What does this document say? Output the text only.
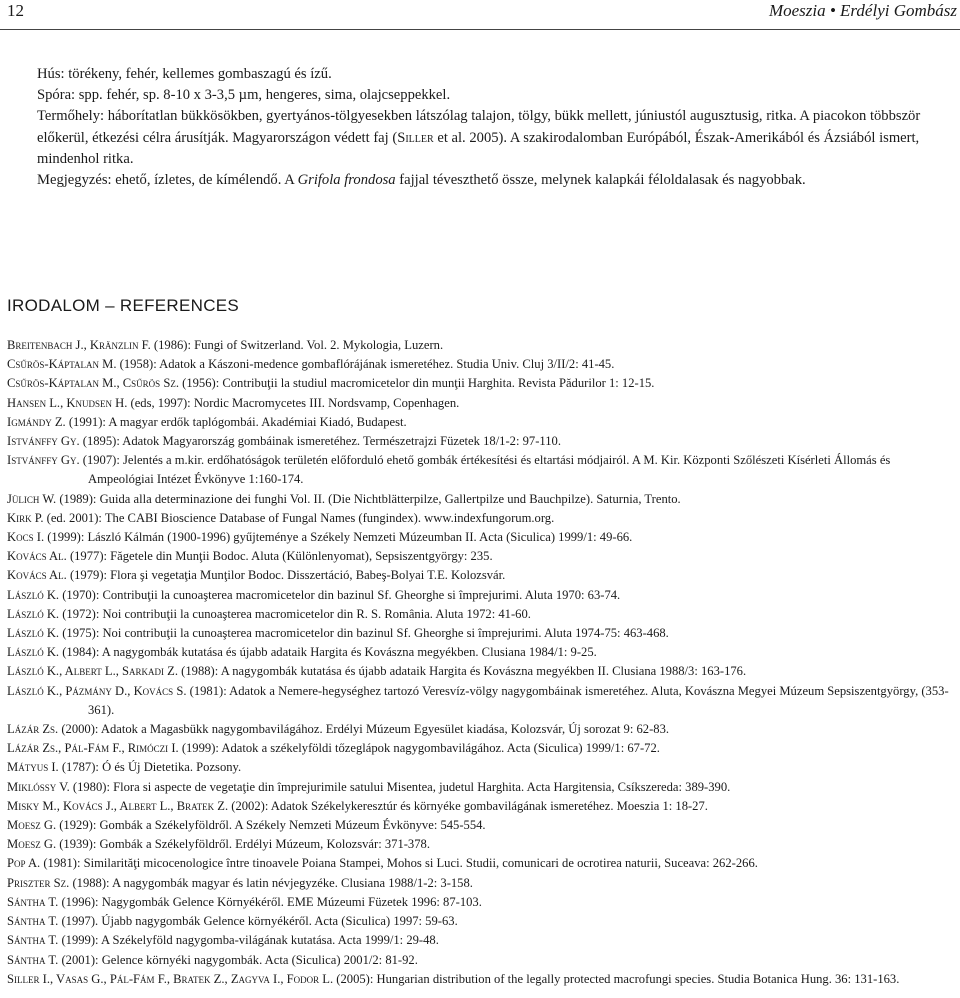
12	Moeszia • Erdélyi Gombász

Hús: törékeny, fehér, kellemes gombaszagú és ízű.

Spóra: spp. fehér, sp. 8-10 x 3-3,5 µm, hengeres, sima, olajcseppekkel.

Termőhely: háborítatlan bükkösökben, gyertyános-tölgyesekben látszólag talajon, tölgy, bükk mellett, júniustól augusztusig, ritka. A piacokon többször előkerül, étkezési célra árusítják. Magyarországon védett faj (Siller et al. 2005). A szakirodalomban Európából, Észak-Amerikából és Ázsiából ismert, mindenhol ritka.

Megjegyzés: ehető, ízletes, de kímélendő. A Grifola frondosa fajjal téveszthető össze, melynek kalapkái féloldalasak és nagyobbak.

IRODALOM – REFERENCES

Breitenbach J., Kränzlin F. (1986): Fungi of Switzerland. Vol. 2. Mykologia, Luzern.

Csűrös-Káptalan M. (1958): Adatok a Kászoni-medence gombaflórájának ismeretéhez. Studia Univ. Cluj 3/II/2: 41-45.

Csűrös-Káptalan M., Csűrös Sz. (1956): Contribuţii la studiul macromicetelor din munţii Harghita. Revista Pădurilor 1: 12-15.

Hansen L., Knudsen H. (eds, 1997): Nordic Macromycetes III. Nordsvamp, Copenhagen.

Igmándy Z. (1991): A magyar erdők taplógombái. Akadémiai Kiadó, Budapest.

Istvánffy Gy. (1895): Adatok Magyarország gombáinak ismeretéhez. Természetrajzi Füzetek 18/1-2: 97-110.

Istvánffy Gy. (1907): Jelentés a m.kir. erdőhatóságok területén előforduló ehető gombák értékesítési és eltartási módjairól. A M. Kir. Központi Szőlészeti Kísérleti Állomás és Ampeológiai Intézet Évkönyve 1:160-174.

Jülich W. (1989): Guida alla determinazione dei funghi Vol. II. (Die Nichtblätterpilze, Gallertpilze und Bauchpilze). Saturnia, Trento.

Kirk P. (ed. 2001): The CABI Bioscience Database of Fungal Names (fungindex). www.indexfungorum.org.

Kocs I. (1999): László Kálmán (1900-1996) gyűjteménye a Székely Nemzeti Múzeumban II. Acta (Siculica) 1999/1: 49-66.

Kovács Al. (1977): Făgetele din Munţii Bodoc. Aluta (Különlenyomat), Sepsiszentgyörgy: 235.

Kovács Al. (1979): Flora şi vegetaţia Munţilor Bodoc. Disszertáció, Babeş-Bolyai T.E. Kolozsvár.

László K. (1970): Contribuţii la cunoaşterea macromicetelor din bazinul Sf. Gheorghe si împrejurimi. Aluta 1970: 63-74.

László K. (1972): Noi contribuţii la cunoaşterea macromicetelor din R. S. România. Aluta 1972: 41-60.

László K. (1975): Noi contribuţii la cunoaşterea macromicetelor din bazinul Sf. Gheorghe si împrejurimi. Aluta 1974-75: 463-468.

László K. (1984): A nagygombák kutatása és újabb adataik Hargita és Kovászna megyékben. Clusiana 1984/1: 9-25.

László K., Albert L., Sarkadi Z. (1988): A nagygombák kutatása és újabb adataik Hargita és Kovászna megyékben II. Clusiana 1988/3: 163-176.

László K., Pázmány D., Kovács S. (1981): Adatok a Nemere-hegységhez tartozó Veresvíz-völgy nagygombáinak ismeretéhez. Aluta, Kovászna Megyei Múzeum Sepsiszentgyörgy, (353-361).

Lázár Zs. (2000): Adatok a Magasbükk nagygombavilágához. Erdélyi Múzeum Egyesület kiadása, Kolozsvár, Új sorozat 9: 62-83.

Lázár Zs., Pál-Fám F., Rimóczi I. (1999): Adatok a székelyföldi tőzeglápok nagygombavilágához. Acta (Siculica) 1999/1: 67-72.

Mátyus I. (1787): Ó és Új Dietetika. Pozsony.

Miklóssy V. (1980): Flora si aspecte de vegetaţie din împrejurimile satului Misentea, judetul Harghita. Acta Hargitensia, Csíkszereda: 389-390.

Misky M., Kovács J., Albert L., Bratek Z. (2002): Adatok Székelykeresztúr és környéke gombavilágának ismeretéhez. Moeszia 1: 18-27.

Moesz G. (1929): Gombák a Székelyföldről. A Székely Nemzeti Múzeum Évkönyve: 545-554.

Moesz G. (1939): Gombák a Székelyföldről. Erdélyi Múzeum, Kolozsvár: 371-378.

Pop A. (1981): Similarităţi micocenologice între tinoavele Poiana Stampei, Mohos si Luci. Studii, comunicari de ocrotirea naturii, Suceava: 262-266.

Priszter Sz. (1988): A nagygombák magyar és latin névjegyzéke. Clusiana 1988/1-2: 3-158.

Sántha T. (1996): Nagygombák Gelence Környékéről. EME Múzeumi Füzetek 1996: 87-103.

Sántha T. (1997). Újabb nagygombák Gelence környékéről. Acta (Siculica) 1997: 59-63.

Sántha T. (1999): A Székelyföld nagygomba-világának kutatása. Acta 1999/1: 29-48.

Sántha T. (2001): Gelence környéki nagygombák. Acta (Siculica) 2001/2: 81-92.

Siller I., Vasas G., Pál-Fám F., Bratek Z., Zagyva I., Fodor L. (2005): Hungarian distribution of the legally protected macrofungi species. Studia Botanica Hung. 36: 131-163.
